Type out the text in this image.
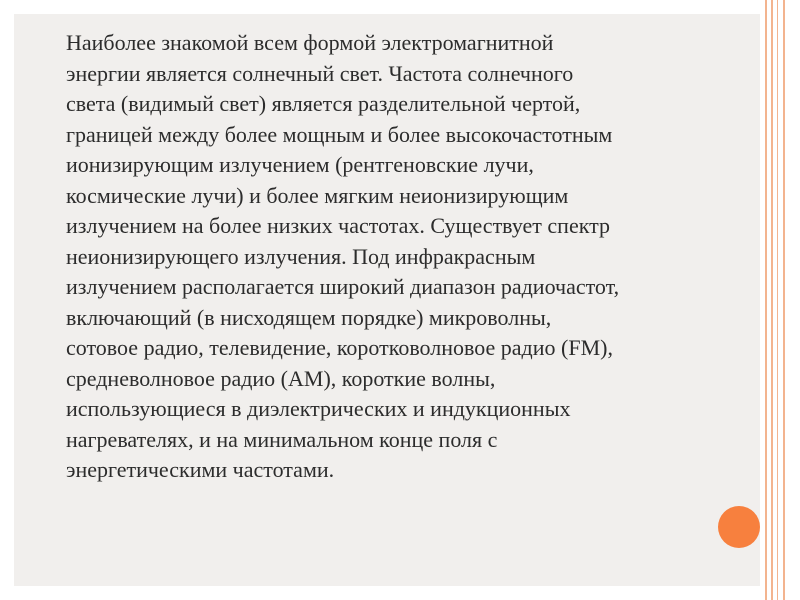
Наиболее знакомой всем формой электромагнитной
энергии является солнечный свет. Частота солнечного
света (видимый свет) является разделительной чертой,
границей между более мощным и более высокочастотным
ионизирующим излучением (рентгеновские лучи,
космические лучи) и более мягким неионизирующим
излучением на более низких частотах. Существует спектр
неионизирующего излучения. Под инфракрасным
излучением располагается широкий диапазон радиочастот,
включающий (в нисходящем порядке) микроволны,
сотовое радио, телевидение, коротковолновое радио (FM),
средневолновое радио (AM), короткие волны,
использующиеся в диэлектрических и индукционных
нагревателях, и на минимальном конце поля с
энергетическими частотами.
